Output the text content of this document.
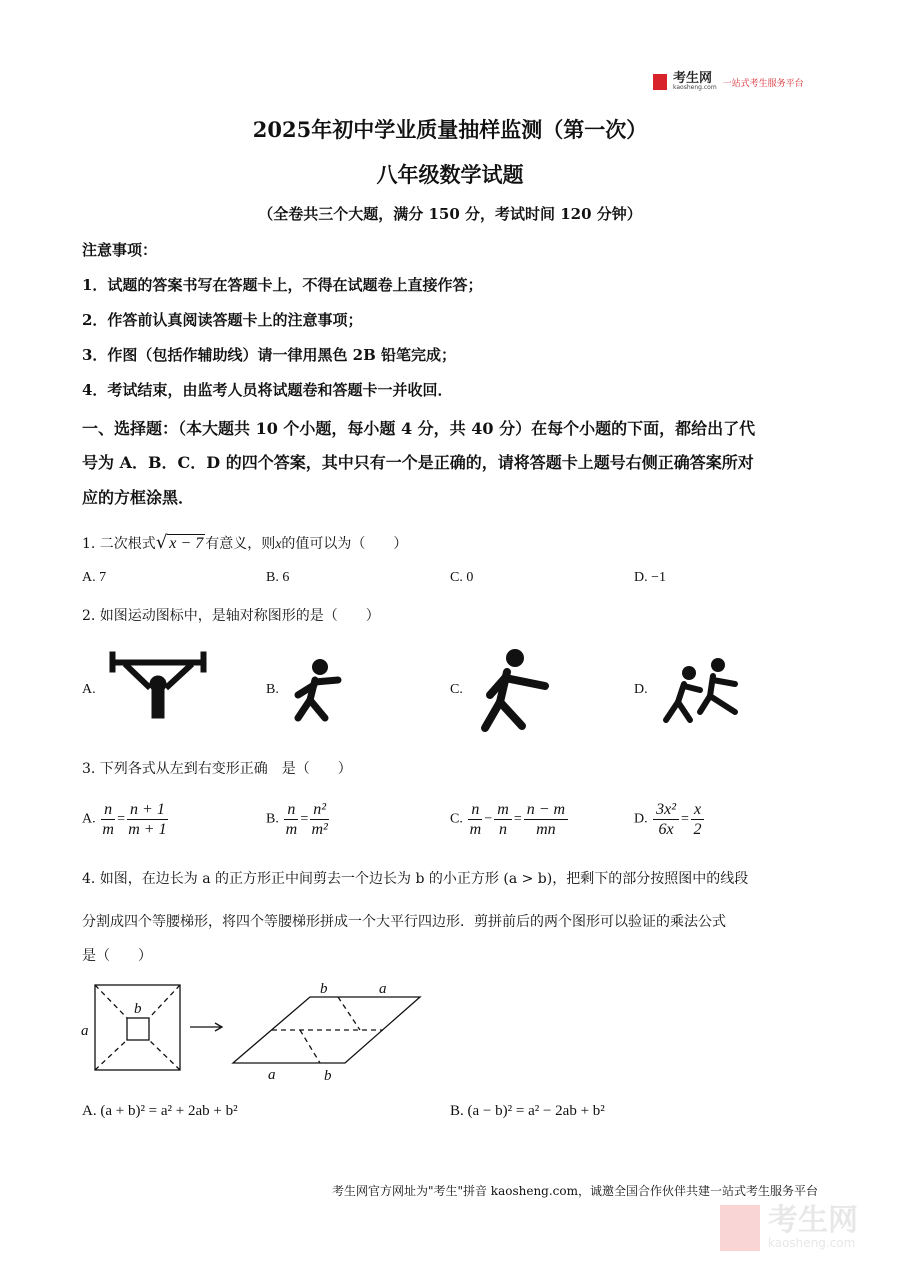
考生网
kaosheng.com 一站式考生服务平台
2025年初中学业质量抽样监测（第一次）
八年级数学试题
（全卷共三个大题，满分 150 分，考试时间 120 分钟）
注意事项：
1．试题的答案书写在答题卡上，不得在试题卷上直接作答；
2．作答前认真阅读答题卡上的注意事项；
3．作图（包括作辅助线）请一律用黑色 2B 铅笔完成；
4．考试结束，由监考人员将试题卷和答题卡一并收回．
一、选择题：（本大题共 10 个小题，每小题 4 分，共 40 分）在每个小题的下面，都给出了代
号为 A．B．C．D 的四个答案，其中只有一个是正确的，请将答题卡上题号右侧正确答案所对
应的方框涂黑．
1. 二次根式√ x − 7 有意义，则x的值可以为（　　）
A. 7	B. 6	C. 0	D. −1
2. 如图运动图标中，是轴对称图形的是（　　）
A.	B.	C.	D.
3. 下列各式从左到右变形正确　是（　　）
A. $\frac{n}{m} = \frac{n + 1}{m + 1}$	B. $\frac{n}{m} = \frac{\text{n²}}{\text{m²}}$	C. $\frac{n}{m} - \frac{m}{n} = \frac{n - m}{mn}$	D. $\frac{\text{3x²}}{6x} = \frac{x}{2}$
4. 如图，在边长为 a 的正方形正中间剪去一个边长为 b 的小正方形 (a > b)，把剩下的部分按照图中的线段
分割成四个等腰梯形，将四个等腰梯形拼成一个大平行四边形．剪拼前后的两个图形可以验证的乘法公式
是（　　）
b
a
b	a
a	b
A. (a + b)² = a² + 2ab + b²	B. (a − b)² = a² − 2ab + b²
考生网官方网址为"考生"拼音 kaosheng.com，诚邀全国合作伙伴共建一站式考生服务平台
考生网
kaosheng.com
